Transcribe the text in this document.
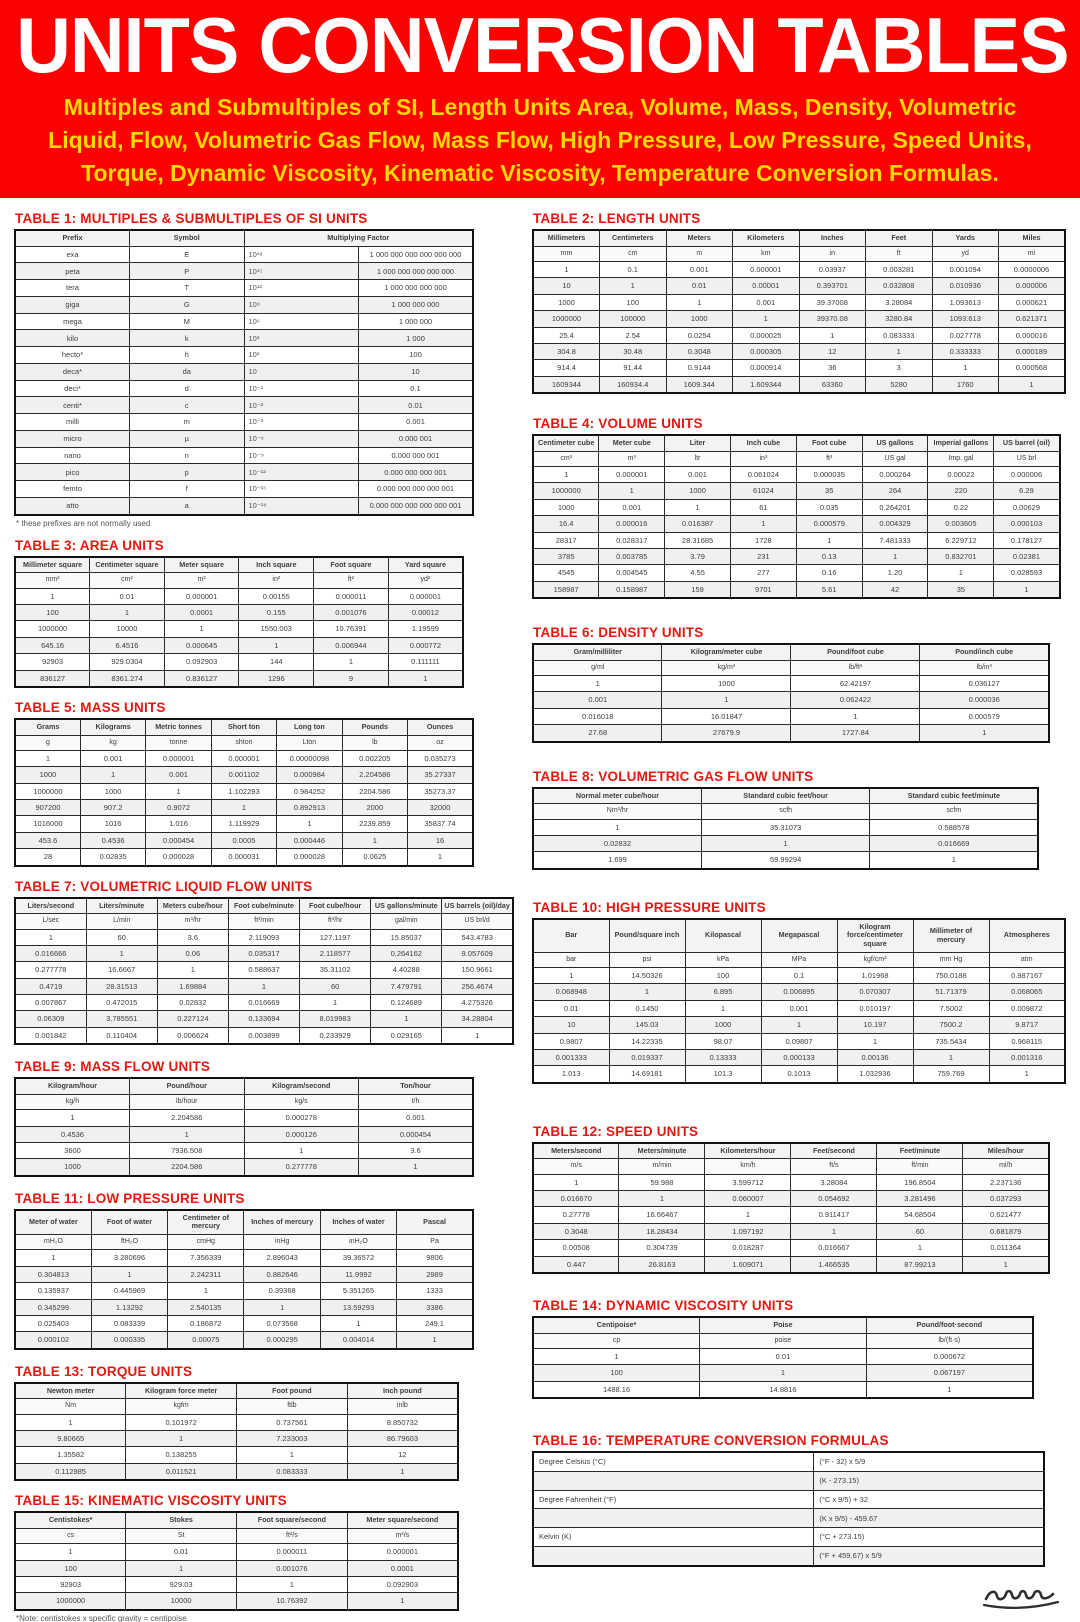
UNITS CONVERSION TABLES
Multiples and Submultiples of SI, Length Units Area, Volume, Mass, Density, Volumetric
Liquid, Flow, Volumetric Gas Flow, Mass Flow, High Pressure, Low Pressure, Speed Units,
Torque, Dynamic Viscosity, Kinematic Viscosity, Temperature Conversion Formulas.
TABLE 1: MULTIPLES & SUBMULTIPLES OF SI UNITS
Prefix	Symbol	Multiplying Factor	
exa	E	10¹⁸	1 000 000 000 000 000 000
peta	P	10¹⁵	1 000 000 000 000 000
tera	T	10¹²	1 000 000 000 000
giga	G	10⁹	1 000 000 000
mega	M	10⁶	1 000 000
kilo	k	10³	1 000
hecto*	h	10²	100
deca*	da	10	10
deci*	d	10⁻¹	0.1
centi*	c	10⁻²	0.01
milli	m	10⁻³	0.001
micro	µ	10⁻⁶	0.000 001
nano	n	10⁻⁹	0.000 000 001
pico	p	10⁻¹²	0.000 000 000 001
femto	f	10⁻¹⁵	0.000 000 000 000 001
atto	a	10⁻¹⁸	0.000 000 000 000 000 001
* these prefixes are not normally used
TABLE 3: AREA UNITS
Millimeter square	Centimeter square	Meter square	Inch square	Foot square	Yard square
mm²	cm²	m²	in²	ft²	yd²
1	0.01	0.000001	0.00155	0.000011	0.000001
100	1	0.0001	0.155	0.001076	0.00012
1000000	10000	1	1550.003	10.76391	1.19599
645.16	6.4516	0.000645	1	0.006944	0.000772
92903	929.0304	0.092903	144	1	0.111111
836127	8361.274	0.836127	1296	9	1
TABLE 5: MASS UNITS
Grams	Kilograms	Metric tonnes	Short ton	Long ton	Pounds	Ounces
g	kg	tonne	shton	Lton	lb	oz
1	0.001	0.000001	0.000001	0.00000098	0.002205	0.035273
1000	1	0.001	0.001102	0.000984	2.204586	35.27337
1000000	1000	1	1.102293	0.984252	2204.586	35273.37
907200	907.2	0.9072	1	0.892913	2000	32000
1016000	1016	1.016	1.119929	1	2239.859	35837.74
453.6	0.4536	0.000454	0.0005	0.000446	1	16
28	0.02835	0.000028	0.000031	0.000028	0.0625	1
TABLE 7: VOLUMETRIC LIQUID FLOW UNITS
Liters/second	Liters/minute	Meters cube/hour	Foot cube/minute	Foot cube/hour	US gallons/minute	US barrels (oil)/day
L/sec	L/min	m³/hr	ft³/min	ft³/hr	gal/min	US brl/d
1	60	3.6	2.119093	127.1197	15.85037	543.4783
0.016666	1	0.06	0.035317	2.118577	0.264162	9.057609
0.277778	16.6667	1	0.588637	35.31102	4.40288	150.9661
0.4719	28.31513	1.69884	1	60	7.479791	256.4674
0.007867	0.472015	0.02832	0.016669	1	0.124689	4.275326
0.06309	3.785551	0.227124	0.133694	8.019983	1	34.28804
0.001842	0.110404	0.006624	0.003899	0.233929	0.029165	1
TABLE 9: MASS FLOW UNITS
Kilogram/hour	Pound/hour	Kilogram/second	Ton/hour
kg/h	lb/hour	kg/s	t/h
1	2.204586	0.000278	0.001
0.4536	1	0.000126	0.000454
3600	7936.508	1	3.6
1000	2204.586	0.277778	1
TABLE 11: LOW PRESSURE UNITS
Meter of water	Foot of water	Centimeter of mercury	Inches of mercury	Inches of water	Pascal
mH₂O	ftH₂O	cmHg	inHg	inH₂O	Pa
1	3.280696	7.356339	2.896043	39.36572	9806
0.304813	1	2.242311	0.882646	11.9992	2989
0.135937	0.445969	1	0.39368	5.351265	1333
0.345299	1.13292	2.540135	1	13.59293	3386
0.025403	0.083339	0.186872	0.073568	1	249.1
0.000102	0.000335	0.00075	0.000295	0.004014	1
TABLE 13: TORQUE UNITS
Newton meter	Kilogram force meter	Foot pound	Inch pound
Nm	kgfm	ftlb	inlb
1	0.101972	0.737561	8.850732
9.80665	1	7.233003	86.79603
1.35582	0.138255	1	12
0.112985	0.011521	0.083333	1
TABLE 15: KINEMATIC VISCOSITY UNITS
Centistokes*	Stokes	Foot square/second	Meter square/second
cs	St	ft²/s	m²/s
1	0.01	0.000011	0.000001
100	1	0.001076	0.0001
92903	929.03	1	0.092903
1000000	10000	10.76392	1
*Note: centistokes x specific gravity = centipoise
TABLE 2: LENGTH UNITS
Millimeters	Centimeters	Meters	Kilometers	Inches	Feet	Yards	Miles
mm	cm	m	km	in	ft	yd	mi
1	0.1	0.001	0.000001	0.03937	0.003281	0.001094	0.0000006
10	1	0.01	0.00001	0.393701	0.032808	0.010936	0.000006
1000	100	1	0.001	39.37008	3.28084	1.093613	0.000621
1000000	100000	1000	1	39370.08	3280.84	1093.613	0.621371
25.4	2.54	0.0254	0.000025	1	0.083333	0.027778	0.000016
304.8	30.48	0.3048	0.000305	12	1	0.333333	0.000189
914.4	91.44	0.9144	0.000914	36	3	1	0.000568
1609344	160934.4	1609.344	1.609344	63360	5280	1760	1
TABLE 4: VOLUME UNITS
Centimeter cube	Meter cube	Liter	Inch cube	Foot cube	US gallons	Imperial gallons	US barrel (oil)
cm³	m³	ltr	in³	ft³	US gal	Imp. gal	US brl
1	0.000001	0.001	0.061024	0.000035	0.000264	0.00022	0.000006
1000000	1	1000	61024	35	264	220	6.29
1000	0.001	1	61	0.035	0.264201	0.22	0.00629
16.4	0.000016	0.016387	1	0.000579	0.004329	0.003605	0.000103
28317	0.028317	28.31685	1728	1	7.481333	6.229712	0.178127
3785	0.003785	3.79	231	0.13	1	0.832701	0.02381
4545	0.004545	4.55	277	0.16	1.20	1	0.028593
158987	0.158987	159	9701	5.61	42	35	1
TABLE 6: DENSITY UNITS
Gram/milliliter	Kilogram/meter cube	Pound/foot cube	Pound/inch cube
g/ml	kg/m³	lb/ft³	lb/in³
1	1000	62.42197	0.036127
0.001	1	0.062422	0.000036
0.016018	16.01847	1	0.000579
27.68	27679.9	1727.84	1
TABLE 8: VOLUMETRIC GAS FLOW UNITS
Normal meter cube/hour	Standard cubic feet/hour	Standard cubic feet/minute
Nm³/hr	scfh	scfm
1	35.31073	0.588578
0.02832	1	0.016669
1.699	59.99294	1
TABLE 10: HIGH PRESSURE UNITS
Bar	Pound/square inch	Kilopascal	Megapascal	Kilogram force/centimeter square	Millimeter of mercury	Atmospheres
bar	psi	kPa	MPa	kgf/cm²	mm Hg	atm
1	14.50326	100	0.1	1.01968	750.0188	0.987167
0.068948	1	6.895	0.006895	0.070307	51.71379	0.068065
0.01	0.1450	1	0.001	0.010197	7.5002	0.009872
10	145.03	1000	1	10.197	7500.2	9.8717
0.9807	14.22335	98.07	0.09807	1	735.5434	0.968115
0.001333	0.019337	0.13333	0.000133	0.00136	1	0.001316
1.013	14.69181	101.3	0.1013	1.032936	759.769	1
TABLE 12: SPEED UNITS
Meters/second	Meters/minute	Kilometers/hour	Feet/second	Feet/minute	Miles/hour
m/s	m/min	km/h	ft/s	ft/min	mi/h
1	59.988	3.599712	3.28084	196.8504	2.237136
0.016670	1	0.060007	0.054692	3.281496	0.037293
0.27778	16.66467	1	0.911417	54.68504	0.621477
0.3048	18.28434	1.097192	1	60	0.681879
0.00508	0.304739	0.018287	0.016667	1	0.011364
0.447	26.8163	1.609071	1.466535	87.99213	1
TABLE 14: DYNAMIC VISCOSITY UNITS
Centipoise*	Poise	Pound/foot·second
cp	poise	lb/(ft·s)
1	0.01	0.000672
100	1	0.067197
1488.16	14.8816	1
TABLE 16: TEMPERATURE CONVERSION FORMULAS
Degree Celsius (°C)	(°F - 32) x 5/9
	(K - 273.15)
Degree Fahrenheit (°F)	(°C x 9/5) + 32
	(K x 9/5) - 459.67
Kelvin (K)	(°C + 273.15)
	(°F + 459.67) x 5/9
